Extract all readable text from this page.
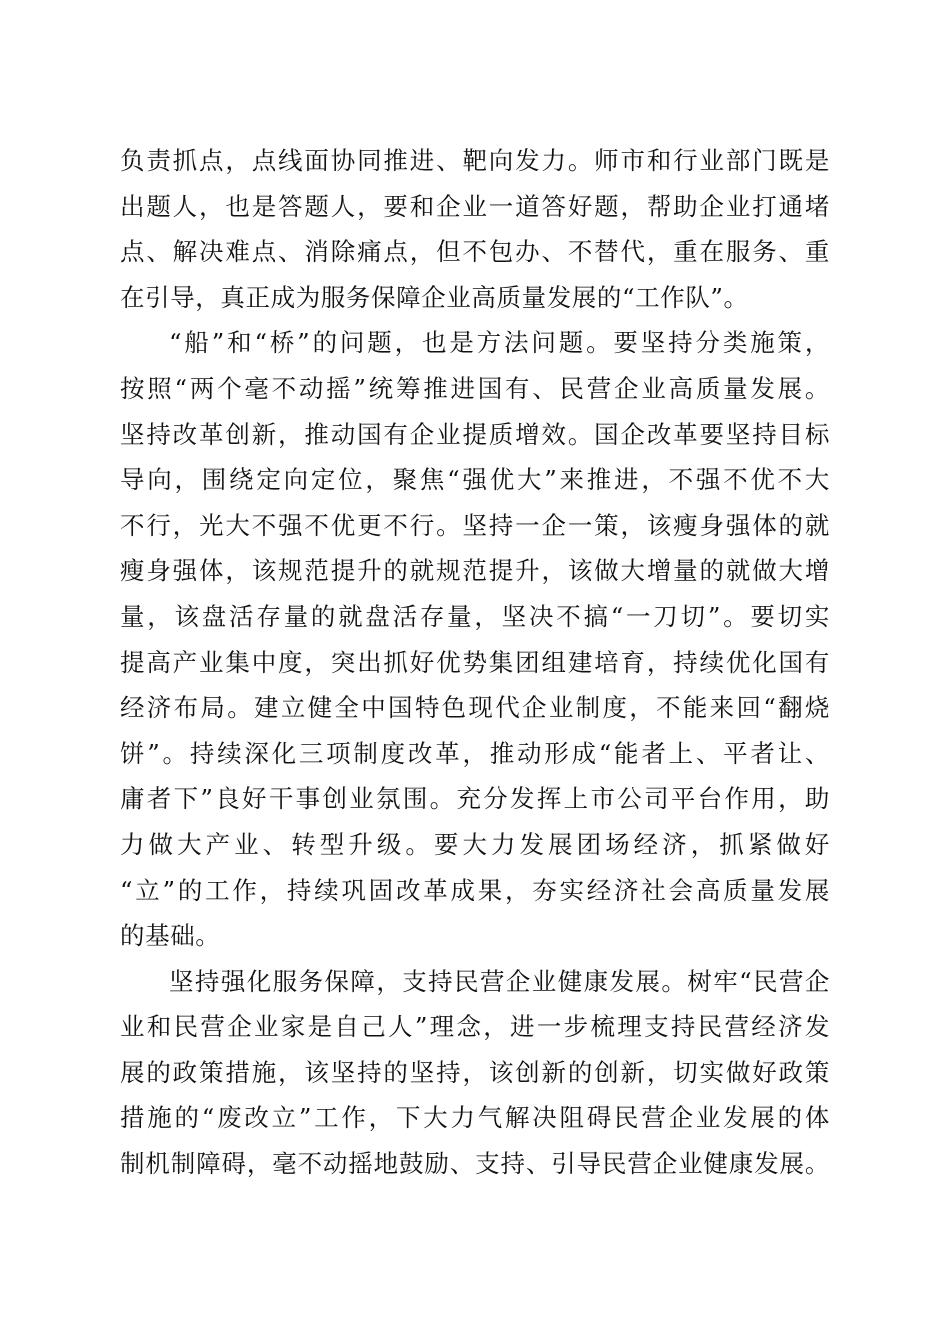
负责抓点，点线面协同推进、靶向发力。师市和行业部门既是
出题人，也是答题人，要和企业一道答好题，帮助企业打通堵
点、解决难点、消除痛点，但不包办、不替代，重在服务、重
在引导，真正成为服务保障企业高质量发展的“工作队”。
“船”和“桥”的问题，也是方法问题。要坚持分类施策，
按照“两个毫不动摇”统筹推进国有、民营企业高质量发展。
坚持改革创新，推动国有企业提质增效。国企改革要坚持目标
导向，围绕定向定位，聚焦“强优大”来推进，不强不优不大
不行，光大不强不优更不行。坚持一企一策，该瘦身强体的就
瘦身强体，该规范提升的就规范提升，该做大增量的就做大增
量，该盘活存量的就盘活存量，坚决不搞“一刀切”。要切实
提高产业集中度，突出抓好优势集团组建培育，持续优化国有
经济布局。建立健全中国特色现代企业制度，不能来回“翻烧
饼”。持续深化三项制度改革，推动形成“能者上、平者让、
庸者下”良好干事创业氛围。充分发挥上市公司平台作用，助
力做大产业、转型升级。要大力发展团场经济，抓紧做好
“立”的工作，持续巩固改革成果，夯实经济社会高质量发展
的基础。
坚持强化服务保障，支持民营企业健康发展。树牢“民营企
业和民营企业家是自己人”理念，进一步梳理支持民营经济发
展的政策措施，该坚持的坚持，该创新的创新，切实做好政策
措施的“废改立”工作，下大力气解决阻碍民营企业发展的体
制机制障碍，毫不动摇地鼓励、支持、引导民营企业健康发展。
